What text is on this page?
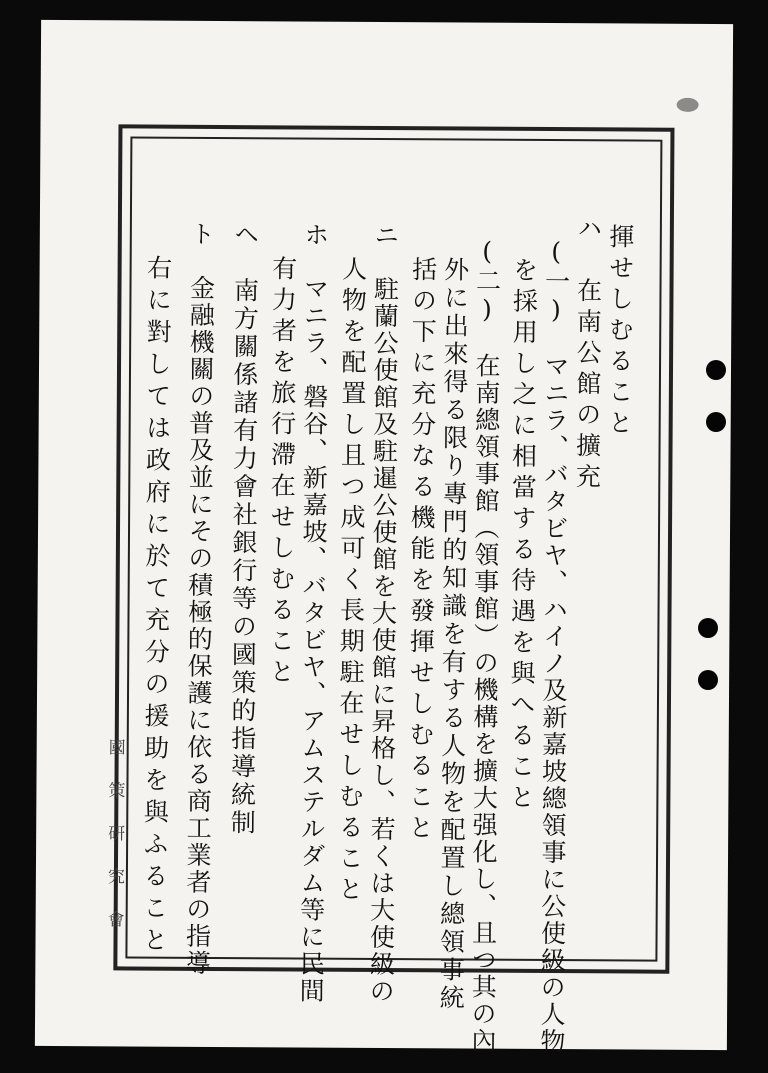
揮せしむること
ハ　在南公館の擴充
(一)　マニラ、バタビヤ、ハイノ及新嘉坡總領事に公使級の人物
を採用し之に相當する待遇を與へること
(二)　在南總領事館（領事館）の機構を擴大强化し、且つ其の內
外に出來得る限り專門的知識を有する人物を配置し總領事統
括の下に充分なる機能を發揮せしむること
ニ　駐蘭公使館及駐暹公使館を大使館に昇格し、若くは大使級の
人物を配置し且つ成可く長期駐在せしむること
ホ　マニラ、磐谷、新嘉坡、バタビヤ、アムステルダム等に民間
有力者を旅行滯在せしむること
ヘ　南方關係諸有力會社銀行等の國策的指導統制
ト　金融機關の普及並にその積極的保護に依る商工業者の指導
右に對しては政府に於て充分の援助を與ふること
國策研究會
